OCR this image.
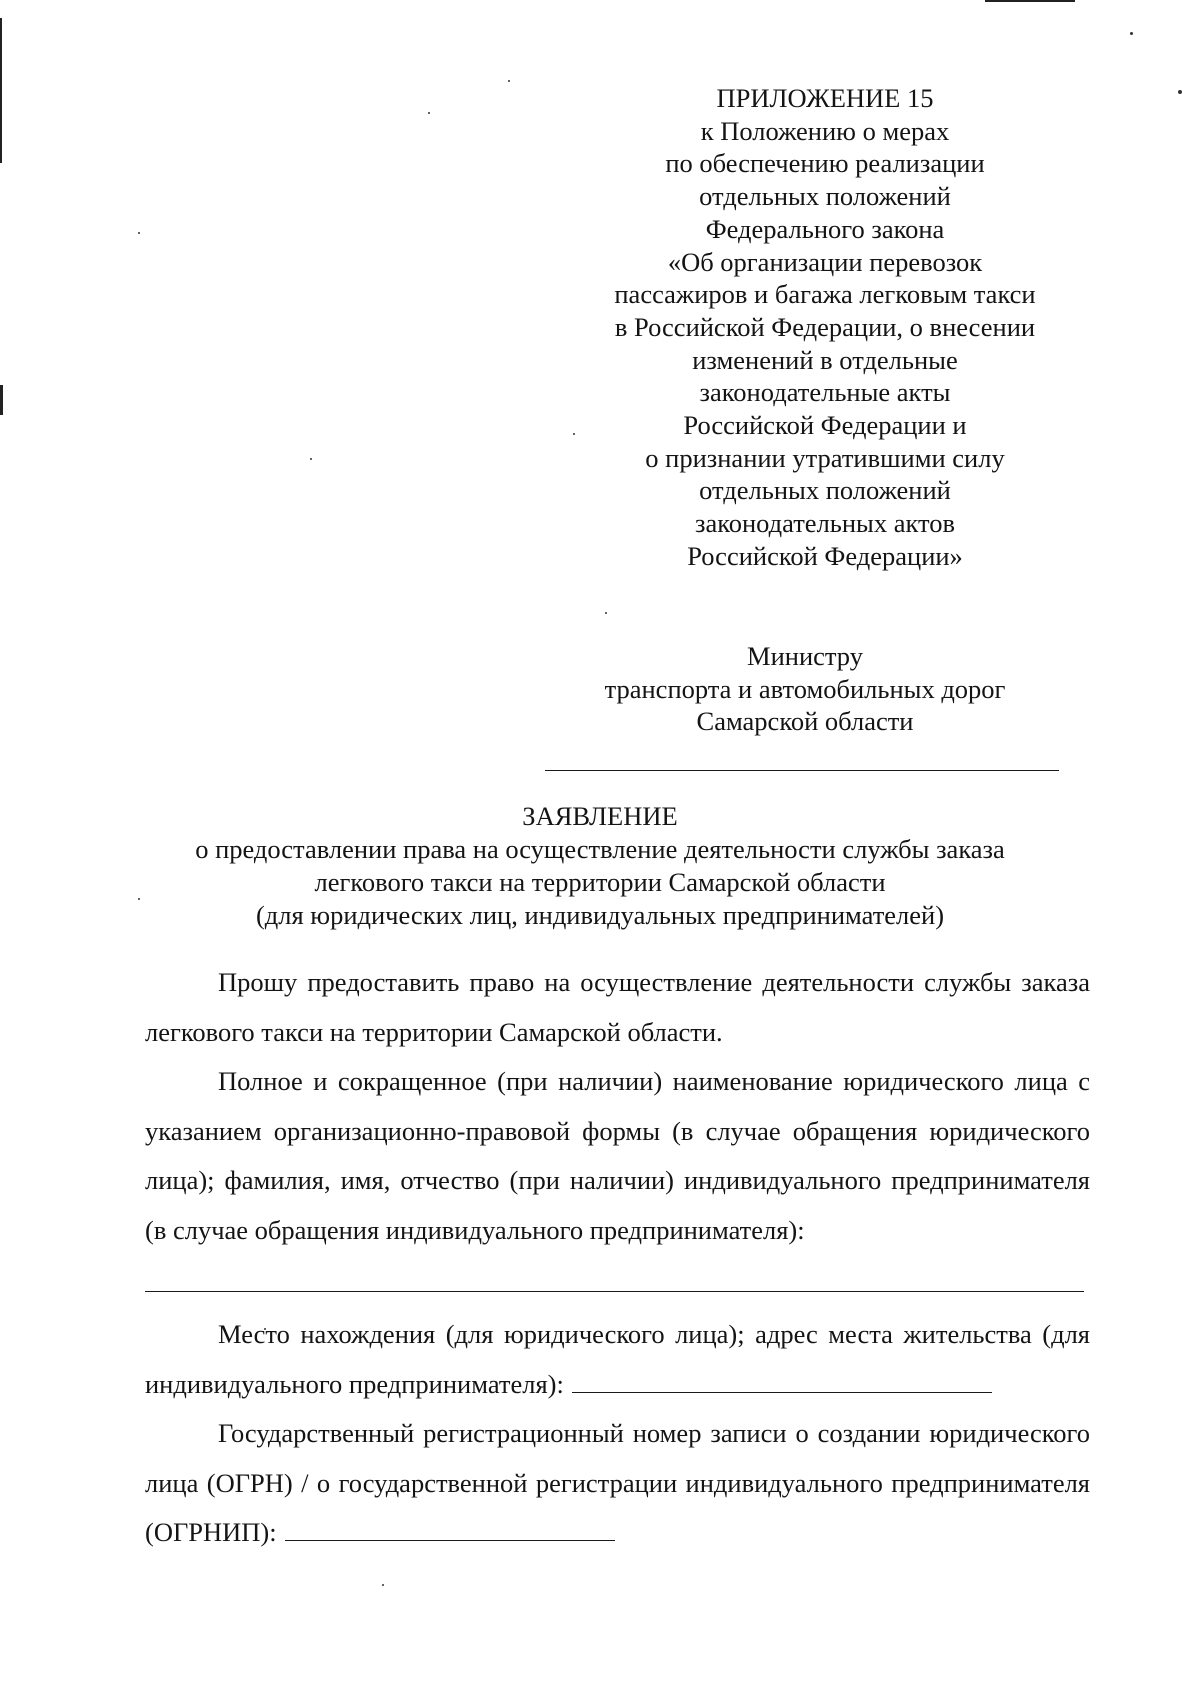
ПРИЛОЖЕНИЕ 15
к Положению о мерах
по обеспечению реализации
отдельных положений
Федерального закона
«Об организации перевозок
пассажиров и багажа легковым такси
в Российской Федерации, о внесении
изменений в отдельные
законодательные акты
Российской Федерации и
о признании утратившими силу
отдельных положений
законодательных актов
Российской Федерации»
Министру
транспорта и автомобильных дорог
Самарской области
ЗАЯВЛЕНИЕ
о предоставлении права на осуществление деятельности службы заказа
легкового такси на территории Самарской области
(для юридических лиц, индивидуальных предпринимателей)

Прошу предоставить право на осуществление деятельности службы заказа легкового такси на территории Самарской области.

Полное и сокращенное (при наличии) наименование юридического лица с указанием организационно-правовой формы (в случае обращения юридического лица); фамилия, имя, отчество (при наличии) индивидуального предпринимателя (в случае обращения индивидуального предпринимателя):

Место нахождения (для юридического лица); адрес места жительства (для индивидуального предпринимателя):

Государственный регистрационный номер записи о создании юридического лица (ОГРН) / о государственной регистрации индивидуального предпринимателя (ОГРНИП):
